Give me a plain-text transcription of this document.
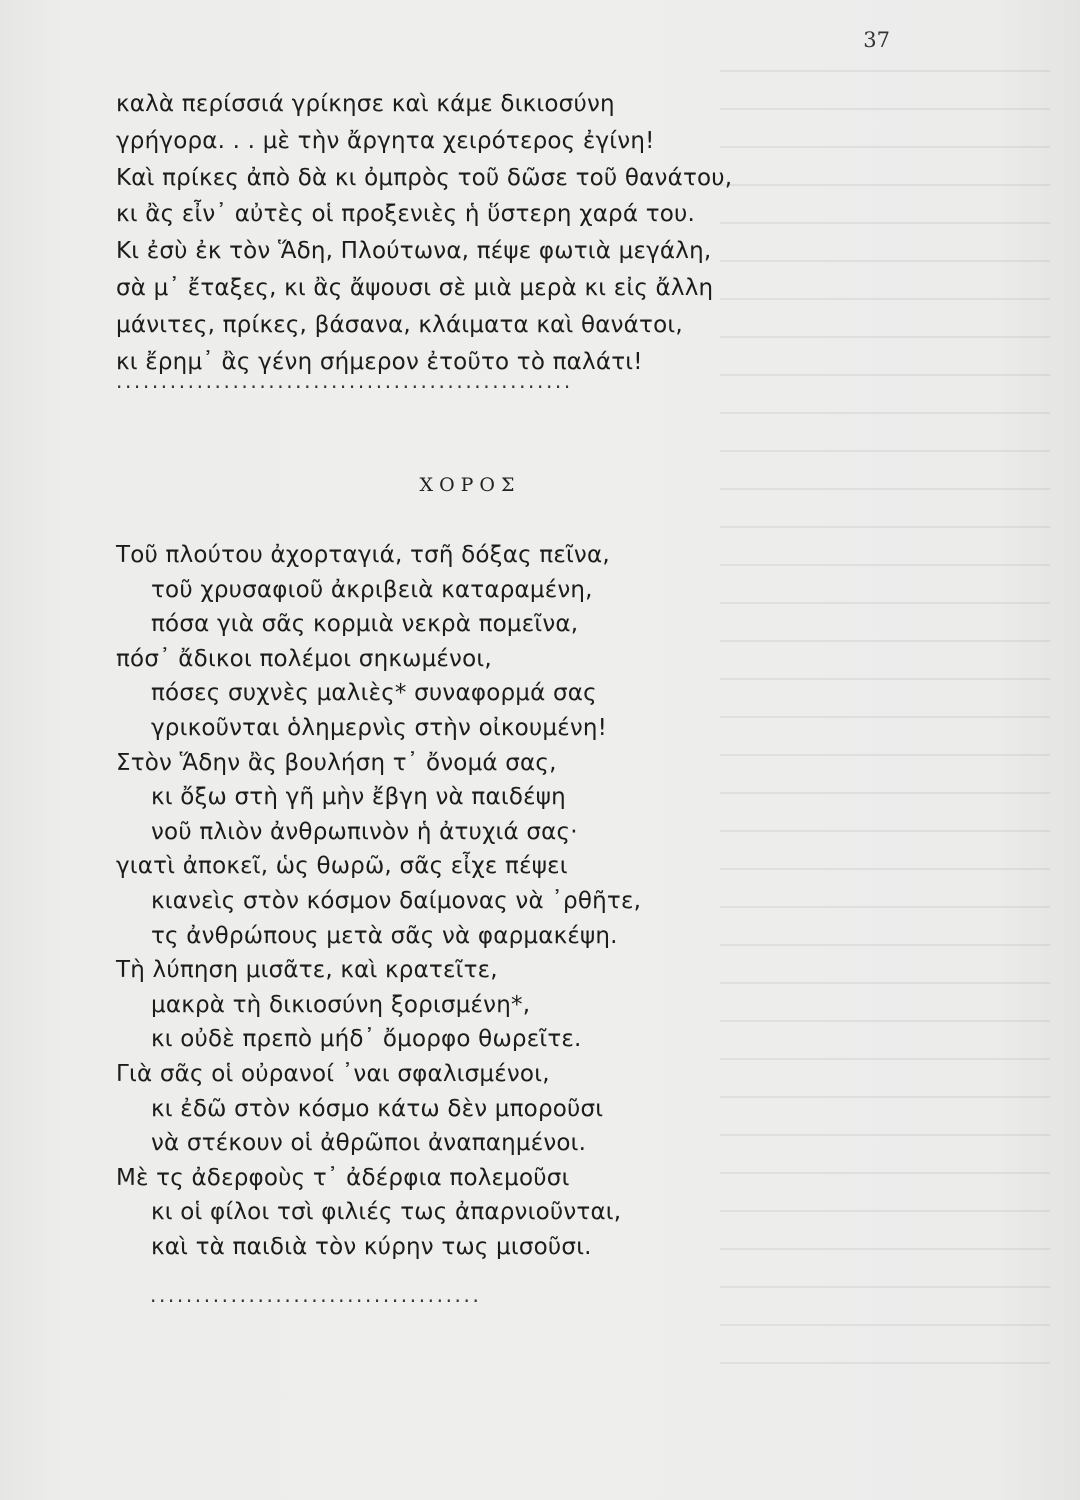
37
καλὰ περίσσιά γρίκησε καὶ κάμε δικιοσύνη
γρήγορα. . . μὲ τὴν ἄργητα χειρότερος ἐγίνη!
Καὶ πρίκες ἀπὸ δὰ κι ὀμπρὸς τοῦ δῶσε τοῦ θανάτου,
κι ἂς εἶν᾽ αὐτὲς οἱ προξενιὲς ἡ ὕστερη χαρά του.
Κι ἐσὺ ἐκ τὸν Ἅδη, Πλούτωνα, πέψε φωτιὰ μεγάλη,
σὰ μ᾽ ἔταξες, κι ἂς ἄψουσι σὲ μιὰ μερὰ κι εἰς ἄλλη
μάνιτες, πρίκες, βάσανα, κλάιματα καὶ θανάτοι,
κι ἔρημ᾽ ἂς γένη σήμερον ἐτοῦτο τὸ παλάτι!
...................................................
ΧΟΡΟΣ
Τοῦ πλούτου ἀχορταγιά, τσῆ δόξας πεῖνα,
τοῦ χρυσαφιοῦ ἀκριβειὰ καταραμένη,
πόσα γιὰ σᾶς κορμιὰ νεκρὰ πομεῖνα,
πόσ᾽ ἄδικοι πολέμοι σηκωμένοι,
πόσες συχνὲς μαλιὲς* συναφορμά σας
γρικοῦνται ὁλημερνὶς στὴν οἰκουμένη!
Στὸν Ἅδην ἂς βουλήση τ᾽ ὄνομά σας,
κι ὄξω στὴ γῆ μὴν ἔβγη νὰ παιδέψη
νοῦ πλιὸν ἀνθρωπινὸν ἡ ἀτυχιά σας·
γιατὶ ἀποκεῖ, ὡς θωρῶ, σᾶς εἶχε πέψει
κιανεὶς στὸν κόσμον δαίμονας νὰ ᾽ρθῆτε,
τς ἀνθρώπους μετὰ σᾶς νὰ φαρμακέψη.
Τὴ λύπηση μισᾶτε, καὶ κρατεῖτε,
μακρὰ τὴ δικιοσύνη ξορισμένη*,
κι οὐδὲ πρεπὸ μήδ᾽ ὄμορφο θωρεῖτε.
Γιὰ σᾶς οἱ οὐρανοί ᾽ναι σφαλισμένοι,
κι ἐδῶ στὸν κόσμο κάτω δὲν μποροῦσι
νὰ στέκουν οἱ ἀθρῶποι ἀναπαημένοι.
Μὲ τς ἀδερφοὺς τ᾽ ἀδέρφια πολεμοῦσι
κι οἱ φίλοι τσὶ φιλιές τως ἀπαρνιοῦνται,
καὶ τὰ παιδιὰ τὸν κύρην τως μισοῦσι.
.....................................
